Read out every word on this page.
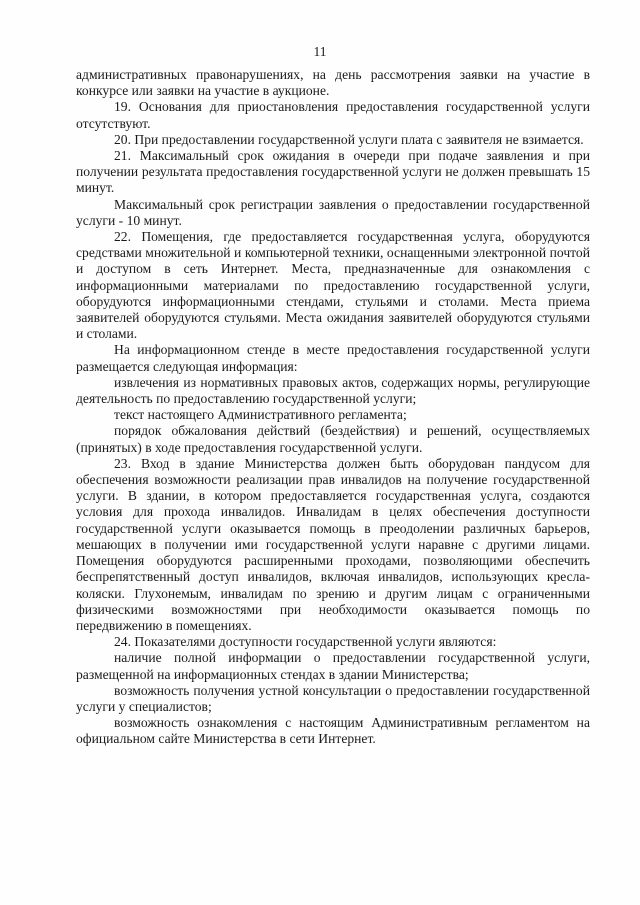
11

административных правонарушениях, на день рассмотрения заявки на участие в конкурсе или заявки на участие в аукционе.

19. Основания для приостановления предоставления государственной услуги отсутствуют.

20. При предоставлении государственной услуги плата с заявителя не взимается.

21. Максимальный срок ожидания в очереди при подаче заявления и при получении результата предоставления государственной услуги не должен превышать 15 минут.

Максимальный срок регистрации заявления о предоставлении государственной услуги - 10 минут.

22. Помещения, где предоставляется государственная услуга, оборудуются средствами множительной и компьютерной техники, оснащенными электронной почтой и доступом в сеть Интернет. Места, предназначенные для ознакомления с информационными материалами по предоставлению государственной услуги, оборудуются информационными стендами, стульями и столами. Места приема заявителей оборудуются стульями. Места ожидания заявителей оборудуются стульями и столами.

На информационном стенде в месте предоставления государственной услуги размещается следующая информация:

извлечения из нормативных правовых актов, содержащих нормы, регулирующие деятельность по предоставлению государственной услуги;

текст настоящего Административного регламента;

порядок обжалования действий (бездействия) и решений, осуществляемых (принятых) в ходе предоставления государственной услуги.

23. Вход в здание Министерства должен быть оборудован пандусом для обеспечения возможности реализации прав инвалидов на получение государственной услуги. В здании, в котором предоставляется государственная услуга, создаются условия для прохода инвалидов. Инвалидам в целях обеспечения доступности государственной услуги оказывается помощь в преодолении различных барьеров, мешающих в получении ими государственной услуги наравне с другими лицами. Помещения оборудуются расширенными проходами, позволяющими обеспечить беспрепятственный доступ инвалидов, включая инвалидов, использующих кресла-коляски. Глухонемым, инвалидам по зрению и другим лицам с ограниченными физическими возможностями при необходимости оказывается помощь по передвижению в помещениях.

24. Показателями доступности государственной услуги являются:

наличие полной информации о предоставлении государственной услуги, размещенной на информационных стендах в здании Министерства;

возможность получения устной консультации о предоставлении государственной услуги у специалистов;

возможность ознакомления с настоящим Административным регламентом на официальном сайте Министерства в сети Интернет.
